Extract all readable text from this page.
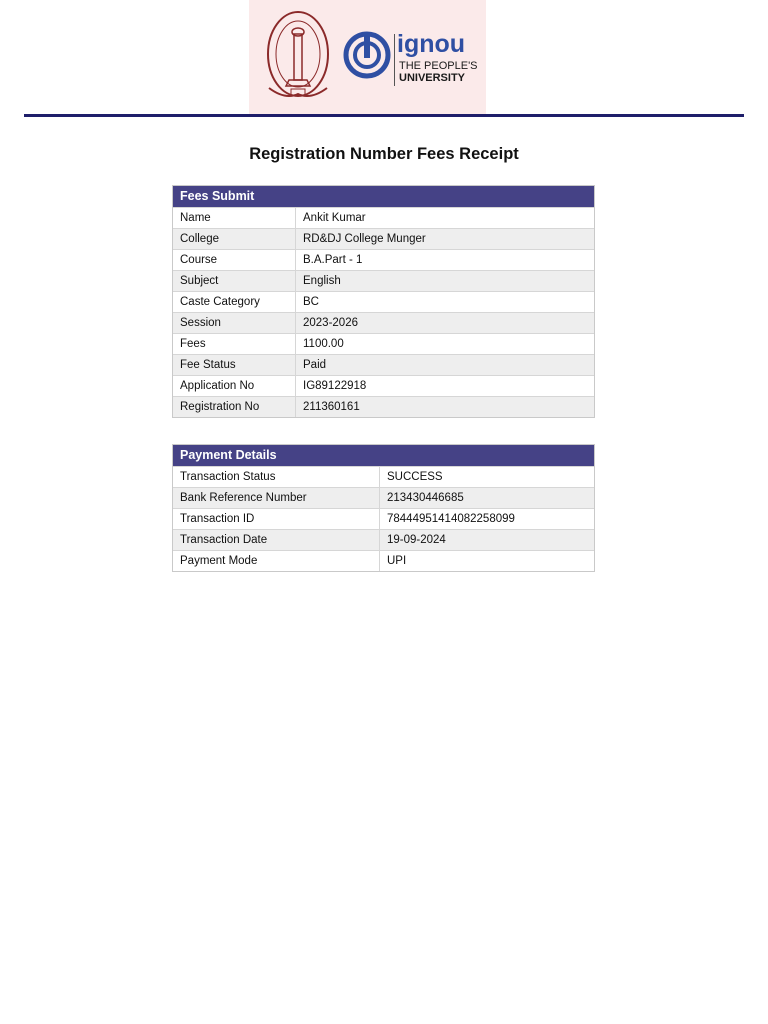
ignou
THE PEOPLE'S
UNIVERSITY
Registration Number Fees Receipt
Fees Submit
Name	Ankit Kumar
College	RD&DJ College Munger
Course	B.A.Part - 1
Subject	English
Caste Category	BC
Session	2023-2026
Fees	1100.00
Fee Status	Paid
Application No	IG89122918
Registration No	211360161
Payment Details
Transaction Status	SUCCESS
Bank Reference Number	213430446685
Transaction ID	78444951414082258099
Transaction Date	19-09-2024
Payment Mode	UPI
